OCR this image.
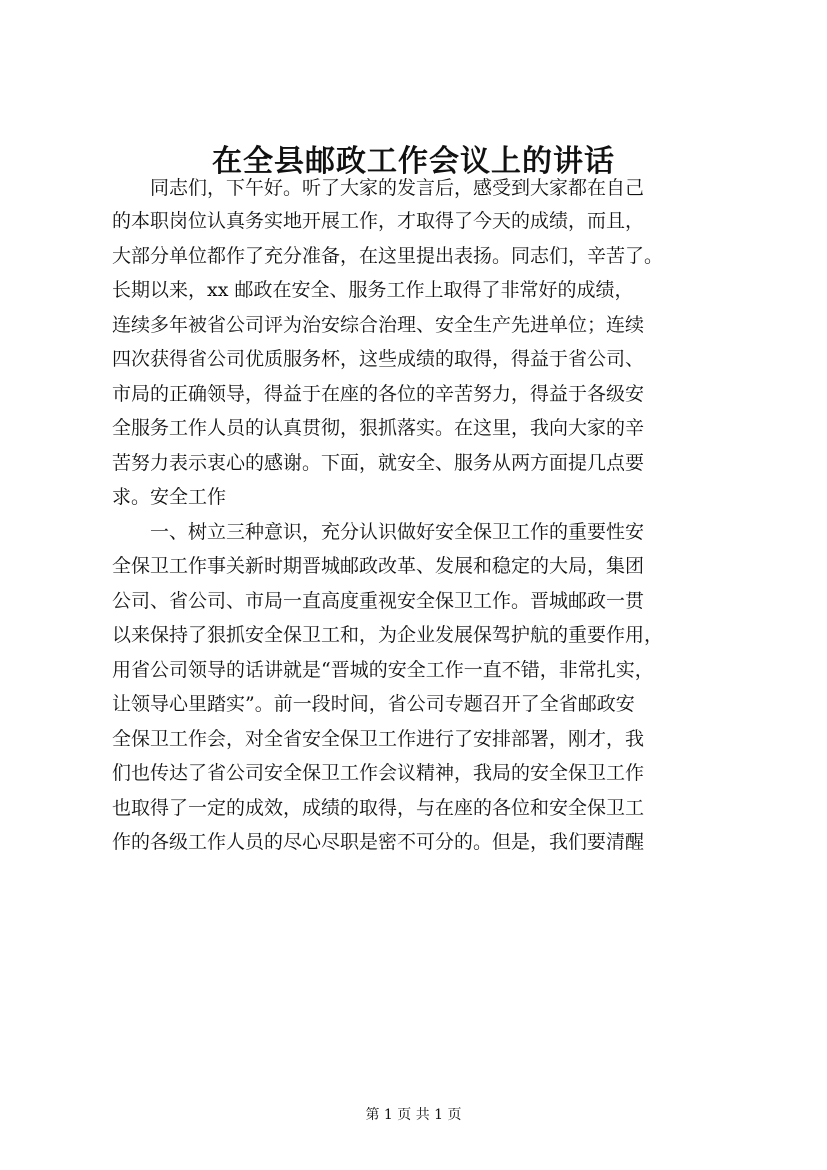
在全县邮政工作会议上的讲话
同志们，下午好。听了大家的发言后，感受到大家都在自己
的本职岗位认真务实地开展工作，才取得了今天的成绩，而且，
大部分单位都作了充分准备，在这里提出表扬。同志们，辛苦了。
长期以来，xx 邮政在安全、服务工作上取得了非常好的成绩，
连续多年被省公司评为治安综合治理、安全生产先进单位；连续
四次获得省公司优质服务杯，这些成绩的取得，得益于省公司、
市局的正确领导，得益于在座的各位的辛苦努力，得益于各级安
全服务工作人员的认真贯彻，狠抓落实。在这里，我向大家的辛
苦努力表示衷心的感谢。下面，就安全、服务从两方面提几点要
求。安全工作
一、树立三种意识，充分认识做好安全保卫工作的重要性安
全保卫工作事关新时期晋城邮政改革、发展和稳定的大局，集团
公司、省公司、市局一直高度重视安全保卫工作。晋城邮政一贯
以来保持了狠抓安全保卫工和，为企业发展保驾护航的重要作用，
用省公司领导的话讲就是“晋城的安全工作一直不错，非常扎实，
让领导心里踏实”。前一段时间，省公司专题召开了全省邮政安
全保卫工作会，对全省安全保卫工作进行了安排部署，刚才，我
们也传达了省公司安全保卫工作会议精神，我局的安全保卫工作
也取得了一定的成效，成绩的取得，与在座的各位和安全保卫工
作的各级工作人员的尽心尽职是密不可分的。但是，我们要清醒
第 1 页 共 1 页
